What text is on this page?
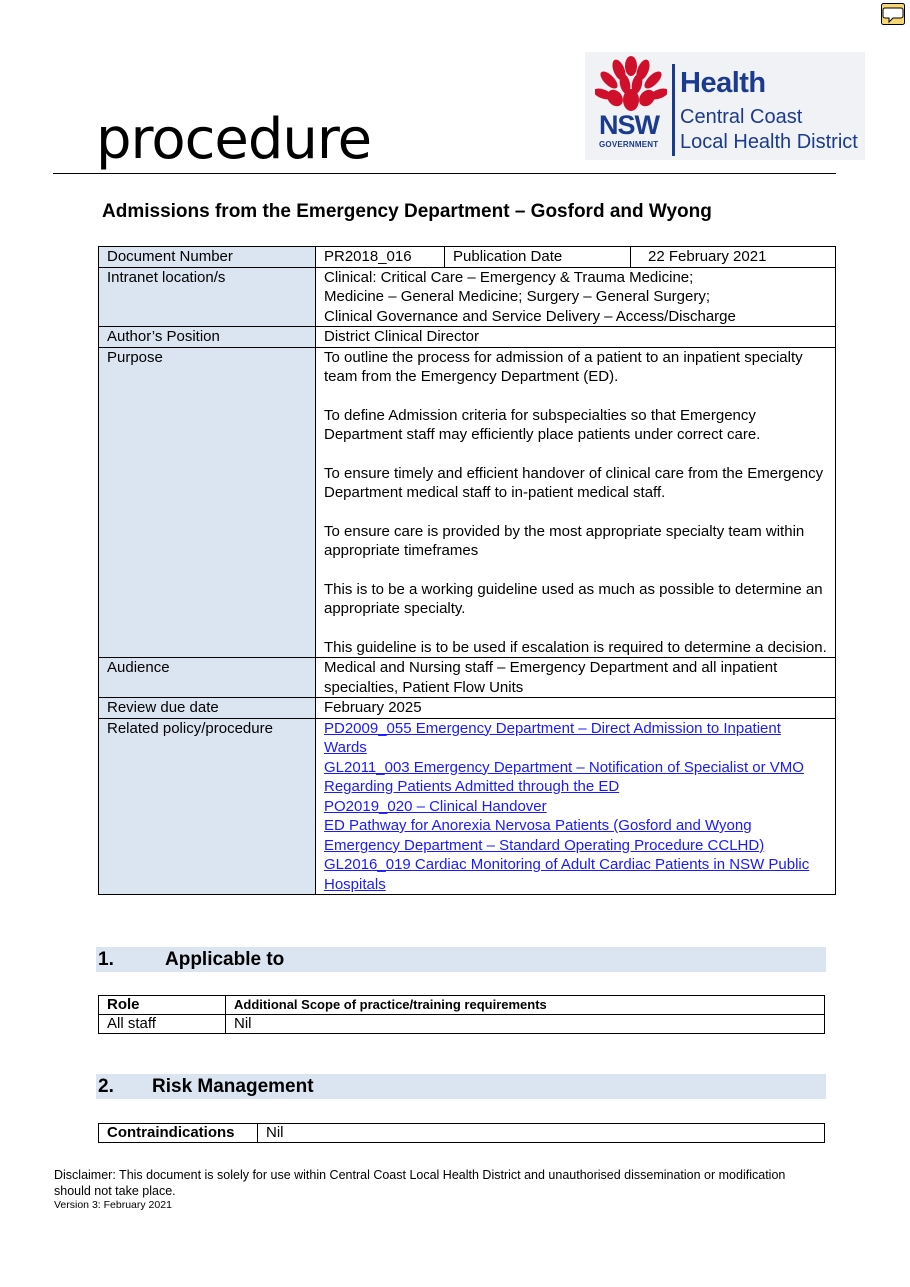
procedure	NSW
GOVERNMENT
Health
Central Coast
Local Health District
Admissions from the Emergency Department – Gosford and Wyong
Document Number		PR2018_016	Publication Date	22 February 2021

Intranet location/s	Clinical: Critical Care – Emergency & Trauma Medicine;
Medicine – General Medicine; Surgery – General Surgery;
Clinical Governance and Service Delivery – Access/Discharge

Author’s Position	District Clinical Director
Purpose	To outline the process for admission of a patient to an inpatient specialty team from the Emergency Department (ED).

To define Admission criteria for subspecialties so that Emergency Department staff may efficiently place patients under correct care.

To ensure timely and efficient handover of clinical care from the Emergency Department medical staff to in-patient medical staff.

To ensure care is provided by the most appropriate specialty team within appropriate timeframes

This is to be a working guideline used as much as possible to determine an appropriate specialty.

This guideline is to be used if escalation is required to determine a decision.

Audience	Medical and Nursing staff – Emergency Department and all inpatient specialties, Patient Flow Units
Review due date	February 2025
Related policy/procedure	PD2009_055 Emergency Department – Direct Admission to Inpatient Wards
GL2011_003 Emergency Department – Notification of Specialist or VMO Regarding Patients Admitted through the ED
PO2019_020 – Clinical Handover
ED Pathway for Anorexia Nervosa Patients (Gosford and Wyong Emergency Department – Standard Operating Procedure CCLHD)
GL2016_019 Cardiac Monitoring of Adult Cardiac Patients in NSW Public Hospitals
1.	Applicable to
Role	Additional Scope of practice/training requirements
All staff	Nil
2. Risk Management
Contraindications	Nil
Disclaimer: This document is solely for use within Central Coast Local Health District and unauthorised dissemination or modification should not take place.
Version 3: February 2021
